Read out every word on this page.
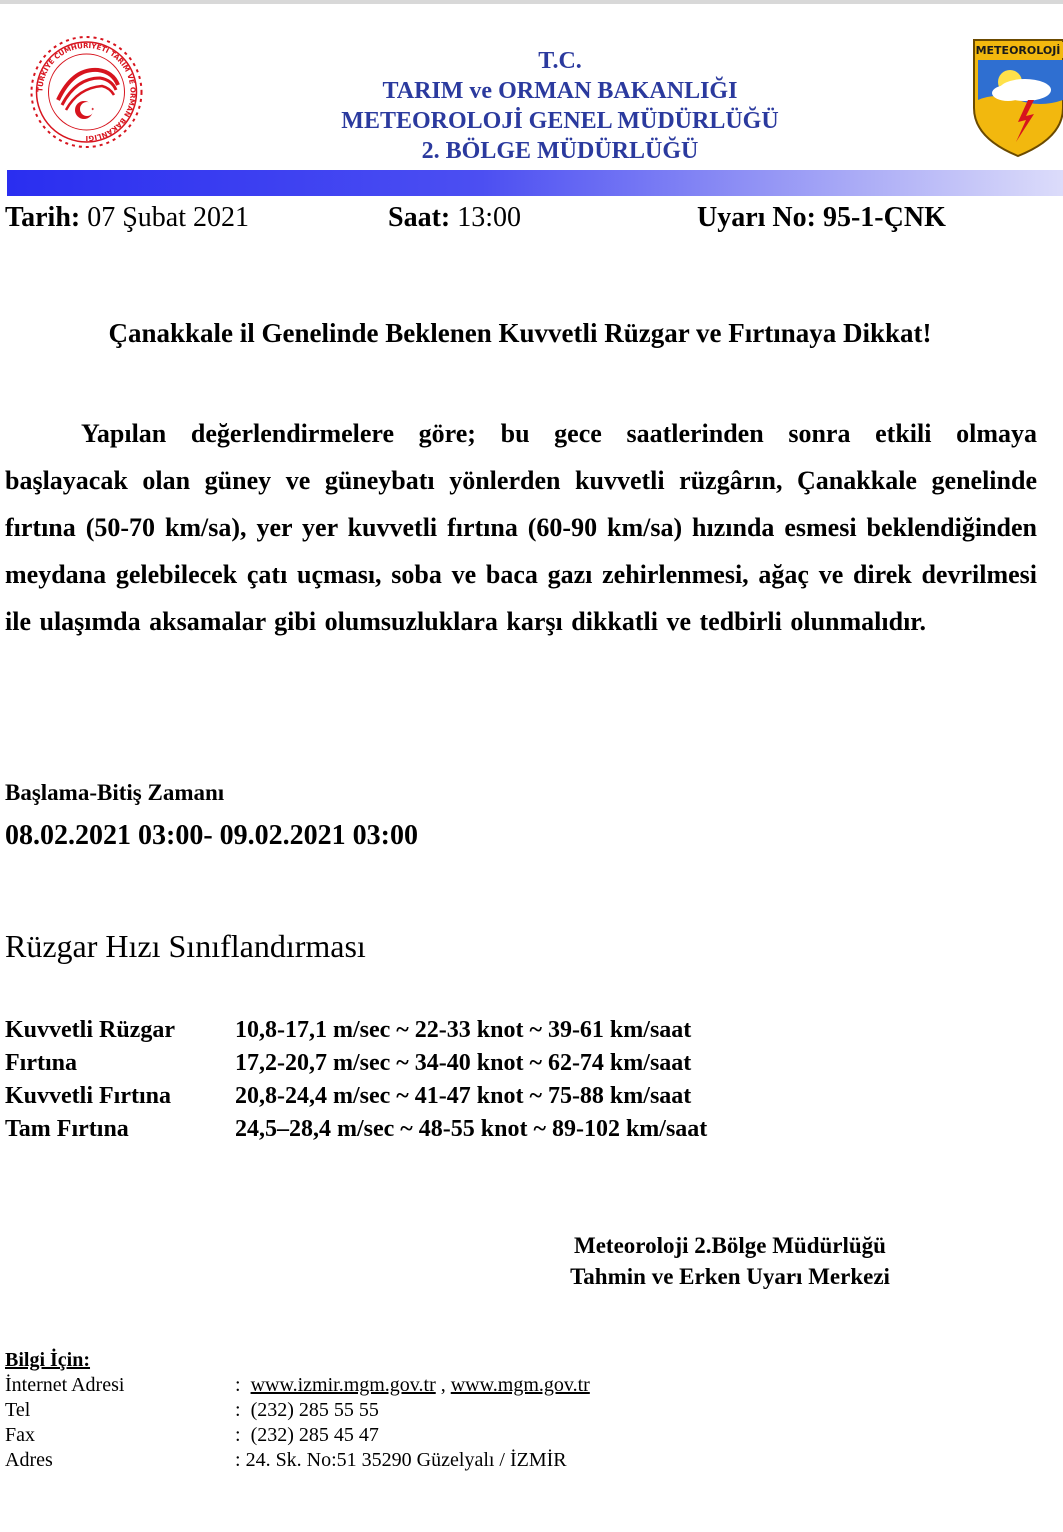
TÜRKİYE CUMHURİYETİ TARIM VE ORMAN BAKANLIĞI
METEOROLOJİ
T.C.
TARIM ve ORMAN BAKANLIĞI
METEOROLOJİ GENEL MÜDÜRLÜĞÜ
2. BÖLGE MÜDÜRLÜĞÜ
Tarih: 07 Şubat 2021	Saat: 13:00	Uyarı No: 95-1-ÇNK
Çanakkale il Genelinde Beklenen Kuvvetli Rüzgar ve Fırtınaya Dikkat!
Yapılan değerlendirmelere göre; bu gece saatlerinden sonra etkili olmaya başlayacak olan güney ve güneybatı yönlerden kuvvetli rüzgârın, Çanakkale genelinde fırtına (50-70 km/sa), yer yer kuvvetli fırtına (60-90 km/sa) hızında esmesi beklendiğinden meydana gelebilecek çatı uçması, soba ve baca gazı zehirlenmesi, ağaç ve direk devrilmesi ile ulaşımda aksamalar gibi olumsuzluklara karşı dikkatli ve tedbirli olunmalıdır.
Başlama-Bitiş Zamanı
08.02.2021 03:00- 09.02.2021 03:00
Rüzgar Hızı Sınıflandırması
Kuvvetli Rüzgar	10,8-17,1 m/sec ~ 22-33 knot ~ 39-61 km/saat
Fırtına	17,2-20,7 m/sec ~ 34-40 knot ~ 62-74 km/saat
Kuvvetli Fırtına	20,8-24,4 m/sec ~ 41-47 knot ~ 75-88 km/saat
Tam Fırtına	24,5–28,4 m/sec ~ 48-55 knot ~ 89-102 km/saat
Meteoroloji 2.Bölge Müdürlüğü
Tahmin ve Erken Uyarı Merkezi
Bilgi İçin:
İnternet Adresi	: www.izmir.mgm.gov.tr , www.mgm.gov.tr
Tel	: (232) 285 55 55
Fax	: (232) 285 45 47
Adres	: 24. Sk. No:51 35290 Güzelyalı / İZMİR
